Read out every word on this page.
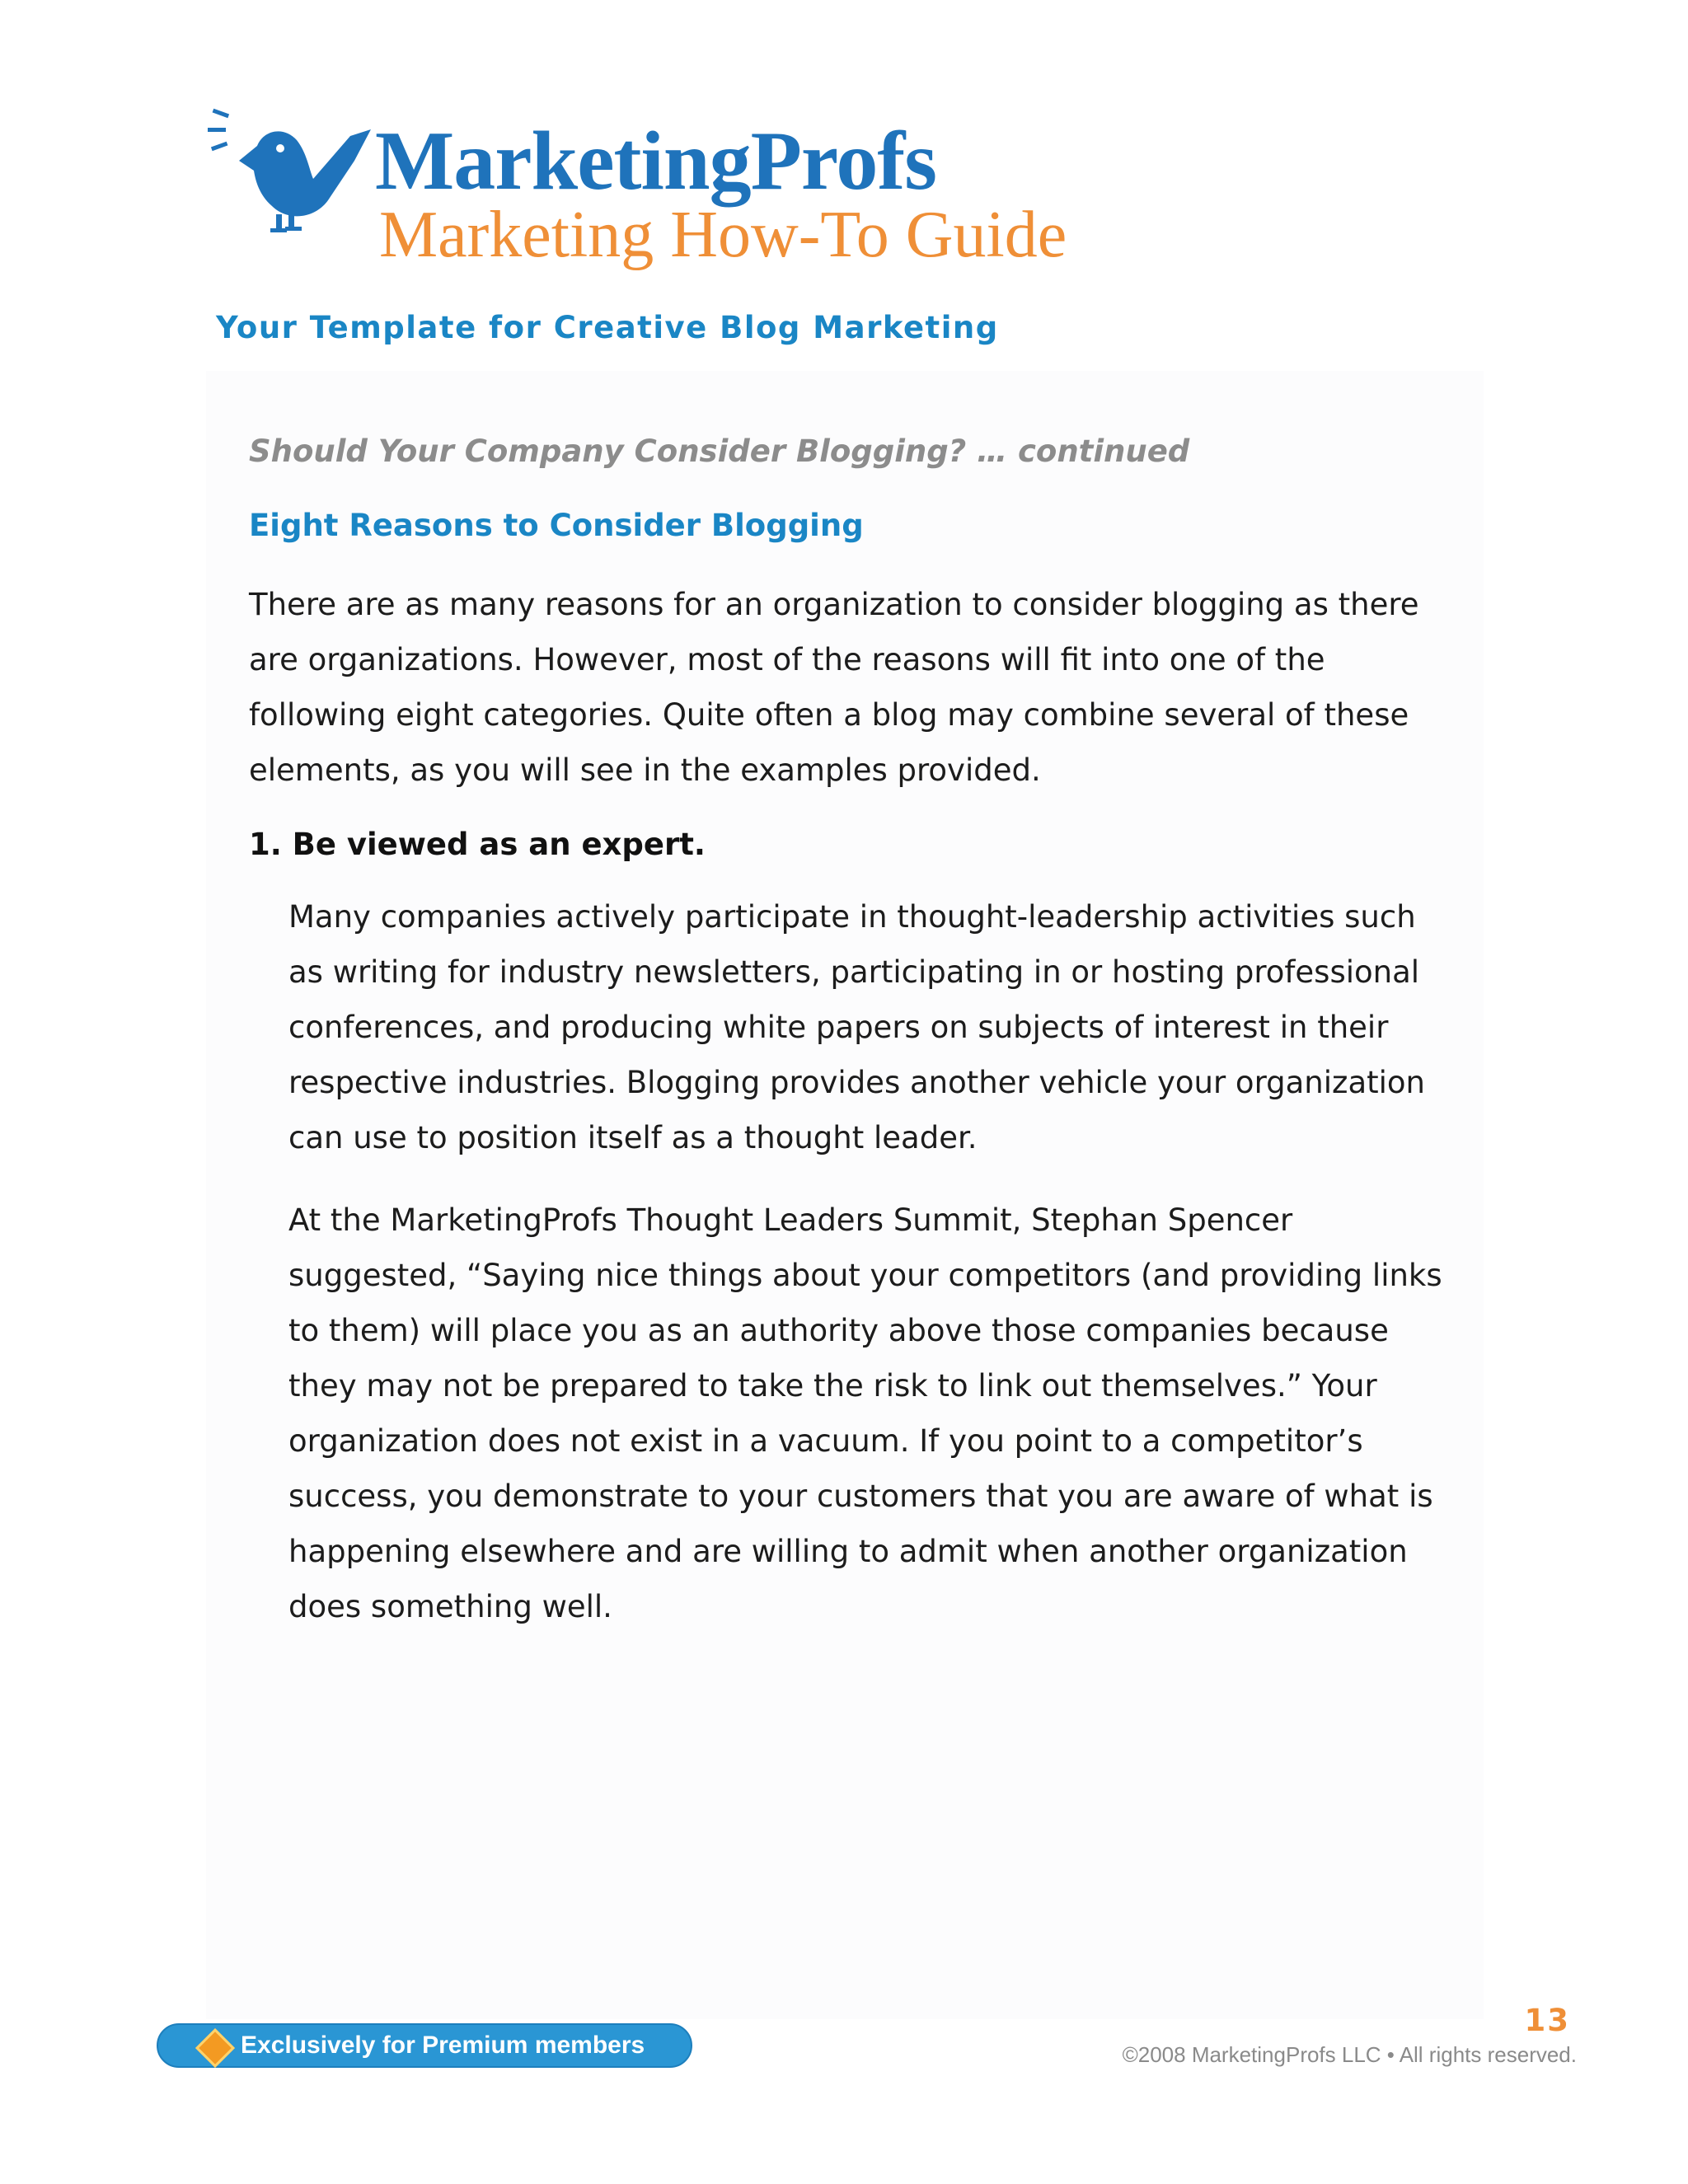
MarketingProfs
Marketing How-To Guide
Your Template for Creative Blog Marketing
Should Your Company Consider Blogging? … continued
Eight Reasons to Consider Blogging

There are as many reasons for an organization to consider blogging as there
are organizations. However, most of the reasons will fit into one of the
following eight categories. Quite often a blog may combine several of these
elements, as you will see in the examples provided.

1. Be viewed as an expert.

Many companies actively participate in thought-leadership activities such
as writing for industry newsletters, participating in or hosting professional
conferences, and producing white papers on subjects of interest in their
respective industries. Blogging provides another vehicle your organization
can use to position itself as a thought leader.

At the MarketingProfs Thought Leaders Summit, Stephan Spencer
suggested, “Saying nice things about your competitors (and providing links
to them) will place you as an authority above those companies because
they may not be prepared to take the risk to link out themselves.” Your
organization does not exist in a vacuum. If you point to a competitor’s
success, you demonstrate to your customers that you are aware of what is
happening elsewhere and are willing to admit when another organization
does something well.

Exclusively for Premium members
13
©2008 MarketingProfs LLC • All rights reserved.
